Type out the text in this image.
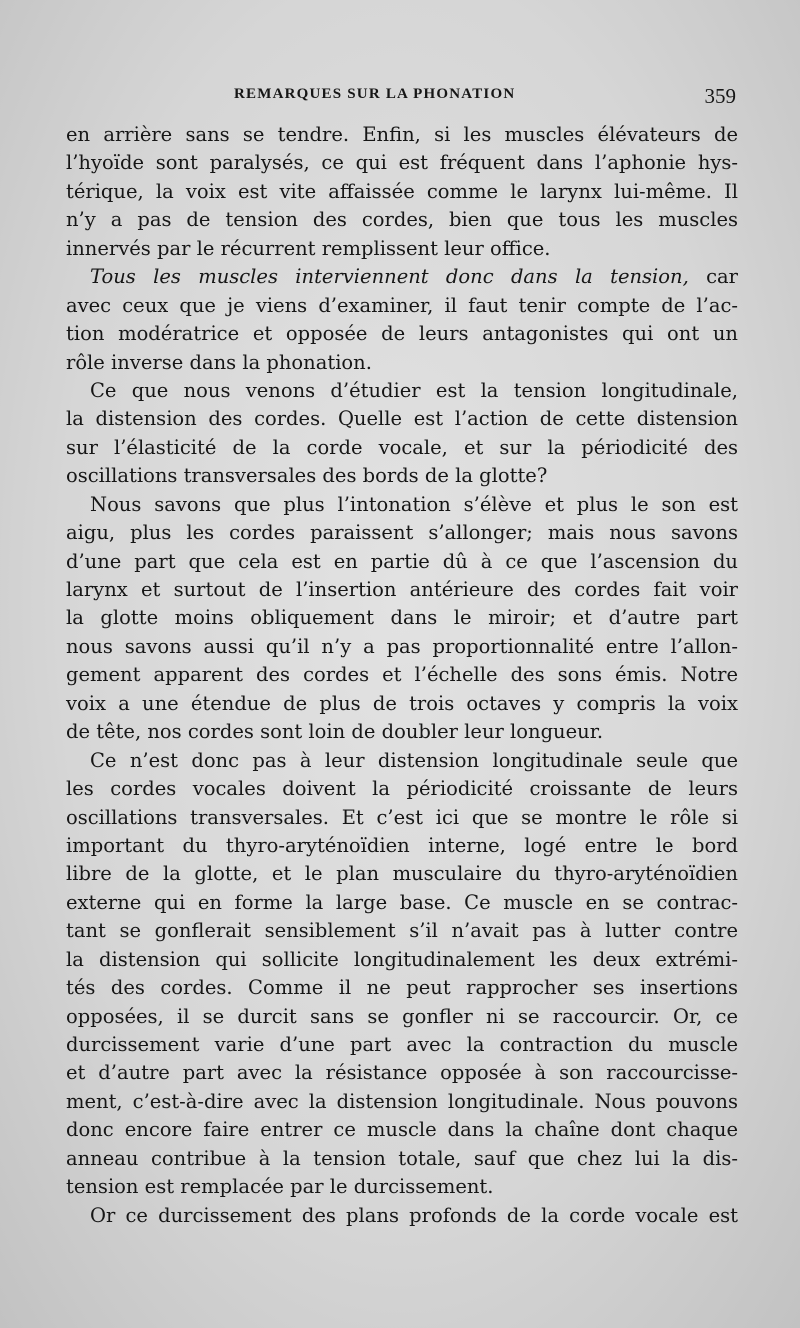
REMARQUES SUR LA PHONATION	359
en arrière sans se tendre. Enfin, si les muscles élévateurs de
l’hyoïde sont paralysés, ce qui est fréquent dans l’aphonie hys-
térique, la voix est vite affaissée comme le larynx lui-même. Il
n’y a pas de tension des cordes, bien que tous les muscles
innervés par le récurrent remplissent leur office.
Tous les muscles interviennent donc dans la tension, car
avec ceux que je viens d’examiner, il faut tenir compte de l’ac-
tion modératrice et opposée de leurs antagonistes qui ont un
rôle inverse dans la phonation.
Ce que nous venons d’étudier est la tension longitudinale,
la distension des cordes. Quelle est l’action de cette distension
sur l’élasticité de la corde vocale, et sur la périodicité des
oscillations transversales des bords de la glotte?
Nous savons que plus l’intonation s’élève et plus le son est
aigu, plus les cordes paraissent s’allonger; mais nous savons
d’une part que cela est en partie dû à ce que l’ascension du
larynx et surtout de l’insertion antérieure des cordes fait voir
la glotte moins obliquement dans le miroir; et d’autre part
nous savons aussi qu’il n’y a pas proportionnalité entre l’allon-
gement apparent des cordes et l’échelle des sons émis. Notre
voix a une étendue de plus de trois octaves y compris la voix
de tête, nos cordes sont loin de doubler leur longueur.
Ce n’est donc pas à leur distension longitudinale seule que
les cordes vocales doivent la périodicité croissante de leurs
oscillations transversales. Et c’est ici que se montre le rôle si
important du thyro-aryténoïdien interne, logé entre le bord
libre de la glotte, et le plan musculaire du thyro-aryténoïdien
externe qui en forme la large base. Ce muscle en se contrac-
tant se gonflerait sensiblement s’il n’avait pas à lutter contre
la distension qui sollicite longitudinalement les deux extrémi-
tés des cordes. Comme il ne peut rapprocher ses insertions
opposées, il se durcit sans se gonfler ni se raccourcir. Or, ce
durcissement varie d’une part avec la contraction du muscle
et d’autre part avec la résistance opposée à son raccourcisse-
ment, c’est-à-dire avec la distension longitudinale. Nous pouvons
donc encore faire entrer ce muscle dans la chaîne dont chaque
anneau contribue à la tension totale, sauf que chez lui la dis-
tension est remplacée par le durcissement.
Or ce durcissement des plans profonds de la corde vocale est
